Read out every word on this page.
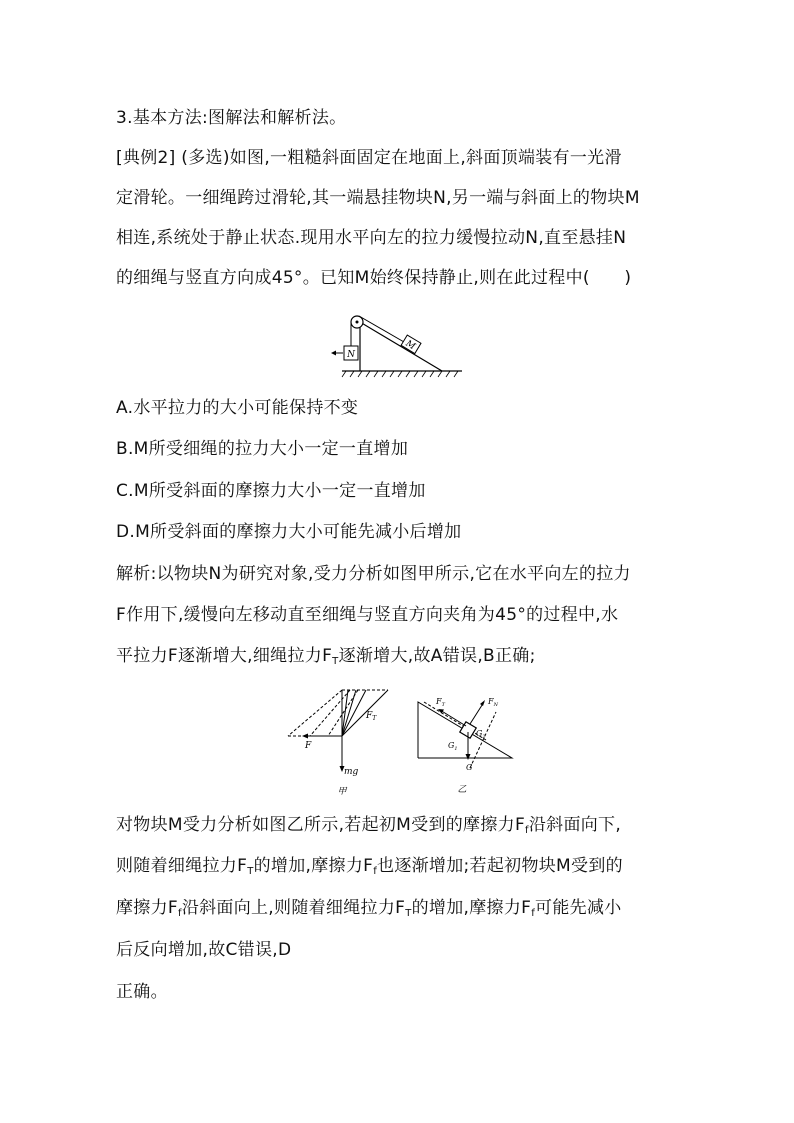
3.基本方法:图解法和解析法。
[典例2] (多选)如图,一粗糙斜面固定在地面上,斜面顶端装有一光滑
定滑轮。一细绳跨过滑轮,其一端悬挂物块N,另一端与斜面上的物块M
相连,系统处于静止状态.现用水平向左的拉力缓慢拉动N,直至悬挂N
的细绳与竖直方向成45°。已知M始终保持静止,则在此过程中(　　)
N
M
A.水平拉力的大小可能保持不变
B.M所受细绳的拉力大小一定一直增加
C.M所受斜面的摩擦力大小一定一直增加
D.M所受斜面的摩擦力大小可能先减小后增加
解析:以物块N为研究对象,受力分析如图甲所示,它在水平向左的拉力
F作用下,缓慢向左移动直至细绳与竖直方向夹角为45°的过程中,水
平拉力F逐渐增大,细绳拉力$F_T$逐渐增大,故A错误,B正确;
F
$F_T$
mg
甲
$F_T$	$F_N$
$G_1$
$G_2$
G
乙
对物块M受力分析如图乙所示,若起初M受到的摩擦力$F_f$沿斜面向下,
则随着细绳拉力$F_T$的增加,摩擦力$F_f$也逐渐增加;若起初物块M受到的
摩擦力$F_f$沿斜面向上,则随着细绳拉力$F_T$的增加,摩擦力$F_f$可能先减小
后反向增加,故C错误,D
正确。
